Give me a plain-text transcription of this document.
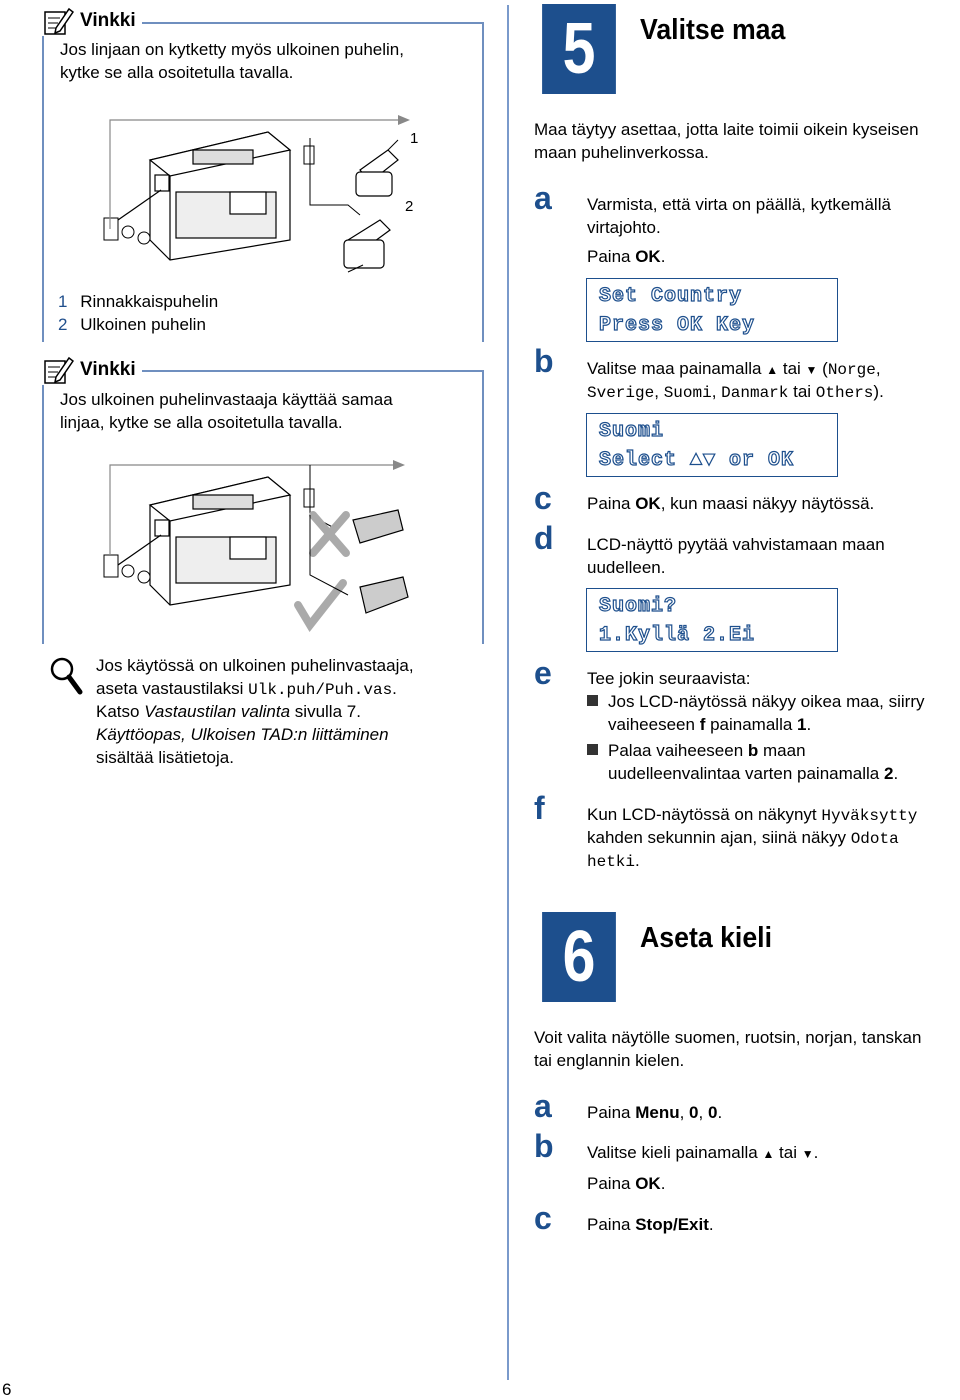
Vinkki
Jos linjaan on kytketty myös ulkoinen puhelin,
kytke se alla osoitetulla tavalla.
1
2
1 Rinnakkaispuhelin
2 Ulkoinen puhelin
Vinkki
Jos ulkoinen puhelinvastaaja käyttää samaa
linjaa, kytke se alla osoitetulla tavalla.
Jos käytössä on ulkoinen puhelinvastaaja,
aseta vastaustilaksi Ulk.puh/Puh.vas.
Katso Vastaustilan valinta sivulla 7.
Käyttöopas, Ulkoisen TAD:n liittäminen
sisältää lisätietoja.
5	Valitse maa
Maa täytyy asettaa, jotta laite toimii oikein kyseisen
maan puhelinverkossa.
a Varmista, että virta on päällä, kytkemällä
virtajohto.
Paina OK.
Set Country
Press OK Key
b Valitse maa painamalla ▲ tai ▼ (Norge,
Sverige, Suomi, Danmark tai Others).
Suomi
Select ▲▼ or OK
c Paina OK, kun maasi näkyy näytössä.
d LCD-näyttö pyytää vahvistamaan maan
uudelleen.
Suomi?
1.Kyllä 2.Ei
e Tee jokin seuraavista:
Jos LCD-näytössä näkyy oikea maa, siirry
vaiheeseen f painamalla 1.
Palaa vaiheeseen b maan
uudelleenvalintaa varten painamalla 2.
f Kun LCD-näytössä on näkynyt Hyväksytty
kahden sekunnin ajan, siinä näkyy Odota
hetki.
6	Aseta kieli
Voit valita näytölle suomen, ruotsin, norjan, tanskan
tai englannin kielen.
a Paina Menu, 0, 0.
b Valitse kieli painamalla ▲ tai ▼.
Paina OK.
c Paina Stop/Exit.
6
